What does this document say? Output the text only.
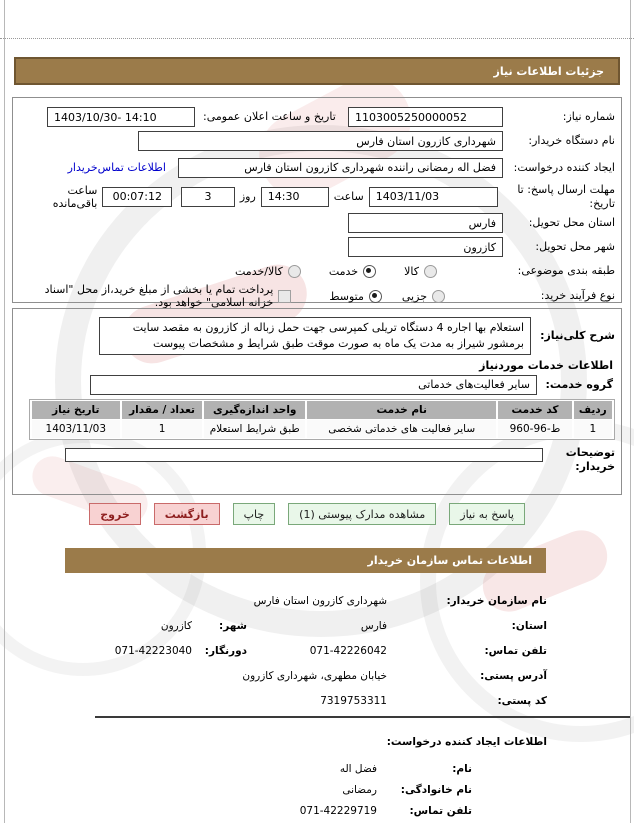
جزئیات اطلاعات نیاز
شماره نیاز:
1103005250000052
تاریخ و ساعت اعلان عمومی:
1403/10/30- 14:10
نام دستگاه خریدار:
شهرداری کازرون استان فارس
ایجاد کننده درخواست:
فضل اله رمضانی راننده شهرداری کازرون استان فارس
اطلاعات تماس‌خریدار
مهلت ارسال پاسخ: تا تاریخ:
1403/11/03
ساعت
14:30
روز
3
00:07:12
ساعت باقی‌مانده
استان محل تحویل:
فارس
شهر محل تحویل:
کازرون
طبقه بندی موضوعی:
کالا
خدمت
کالا/خدمت
نوع فرآیند خرید:
جزیی
متوسط
پرداخت تمام یا بخشی از مبلغ خرید،از محل "اسناد خزانه اسلامی" خواهد بود.
شرح کلی‌نیاز:
استعلام بها اجاره 4 دستگاه تریلی کمپرسی جهت حمل زباله از کازرون به مقصد سایت برمشور شیراز به مدت یک ماه به صورت موقت طبق شرایط و مشخصات پیوست
اطلاعات خدمات موردنیاز
گروه خدمت:
سایر فعالیت‌های خدماتی
ردیف	کد خدمت	نام خدمت	واحد اندازه‌گیری	تعداد / مقدار	تاریخ نیاز
1	ط-96-960	سایر فعالیت های خدماتی شخصی	طبق شرایط استعلام	1	1403/11/03
توضیحات خریدار:
پاسخ به نیاز
مشاهده مدارک پیوستی (1)
چاپ
بازگشت
خروج
اطلاعات تماس سازمان خریدار
نام سازمان خریدار:
شهرداری کازرون استان فارس
استان:
فارس
شهر:
کازرون
تلفن تماس:
071-42226042
دورنگار:
071-42223040
آدرس پستی:
خیابان مطهری، شهرداری کازرون
کد پستی:
7319753311
اطلاعات ایجاد کننده درخواست:
نام:
فضل اله
نام خانوادگی:
رمضانی
تلفن تماس:
071-42229719
